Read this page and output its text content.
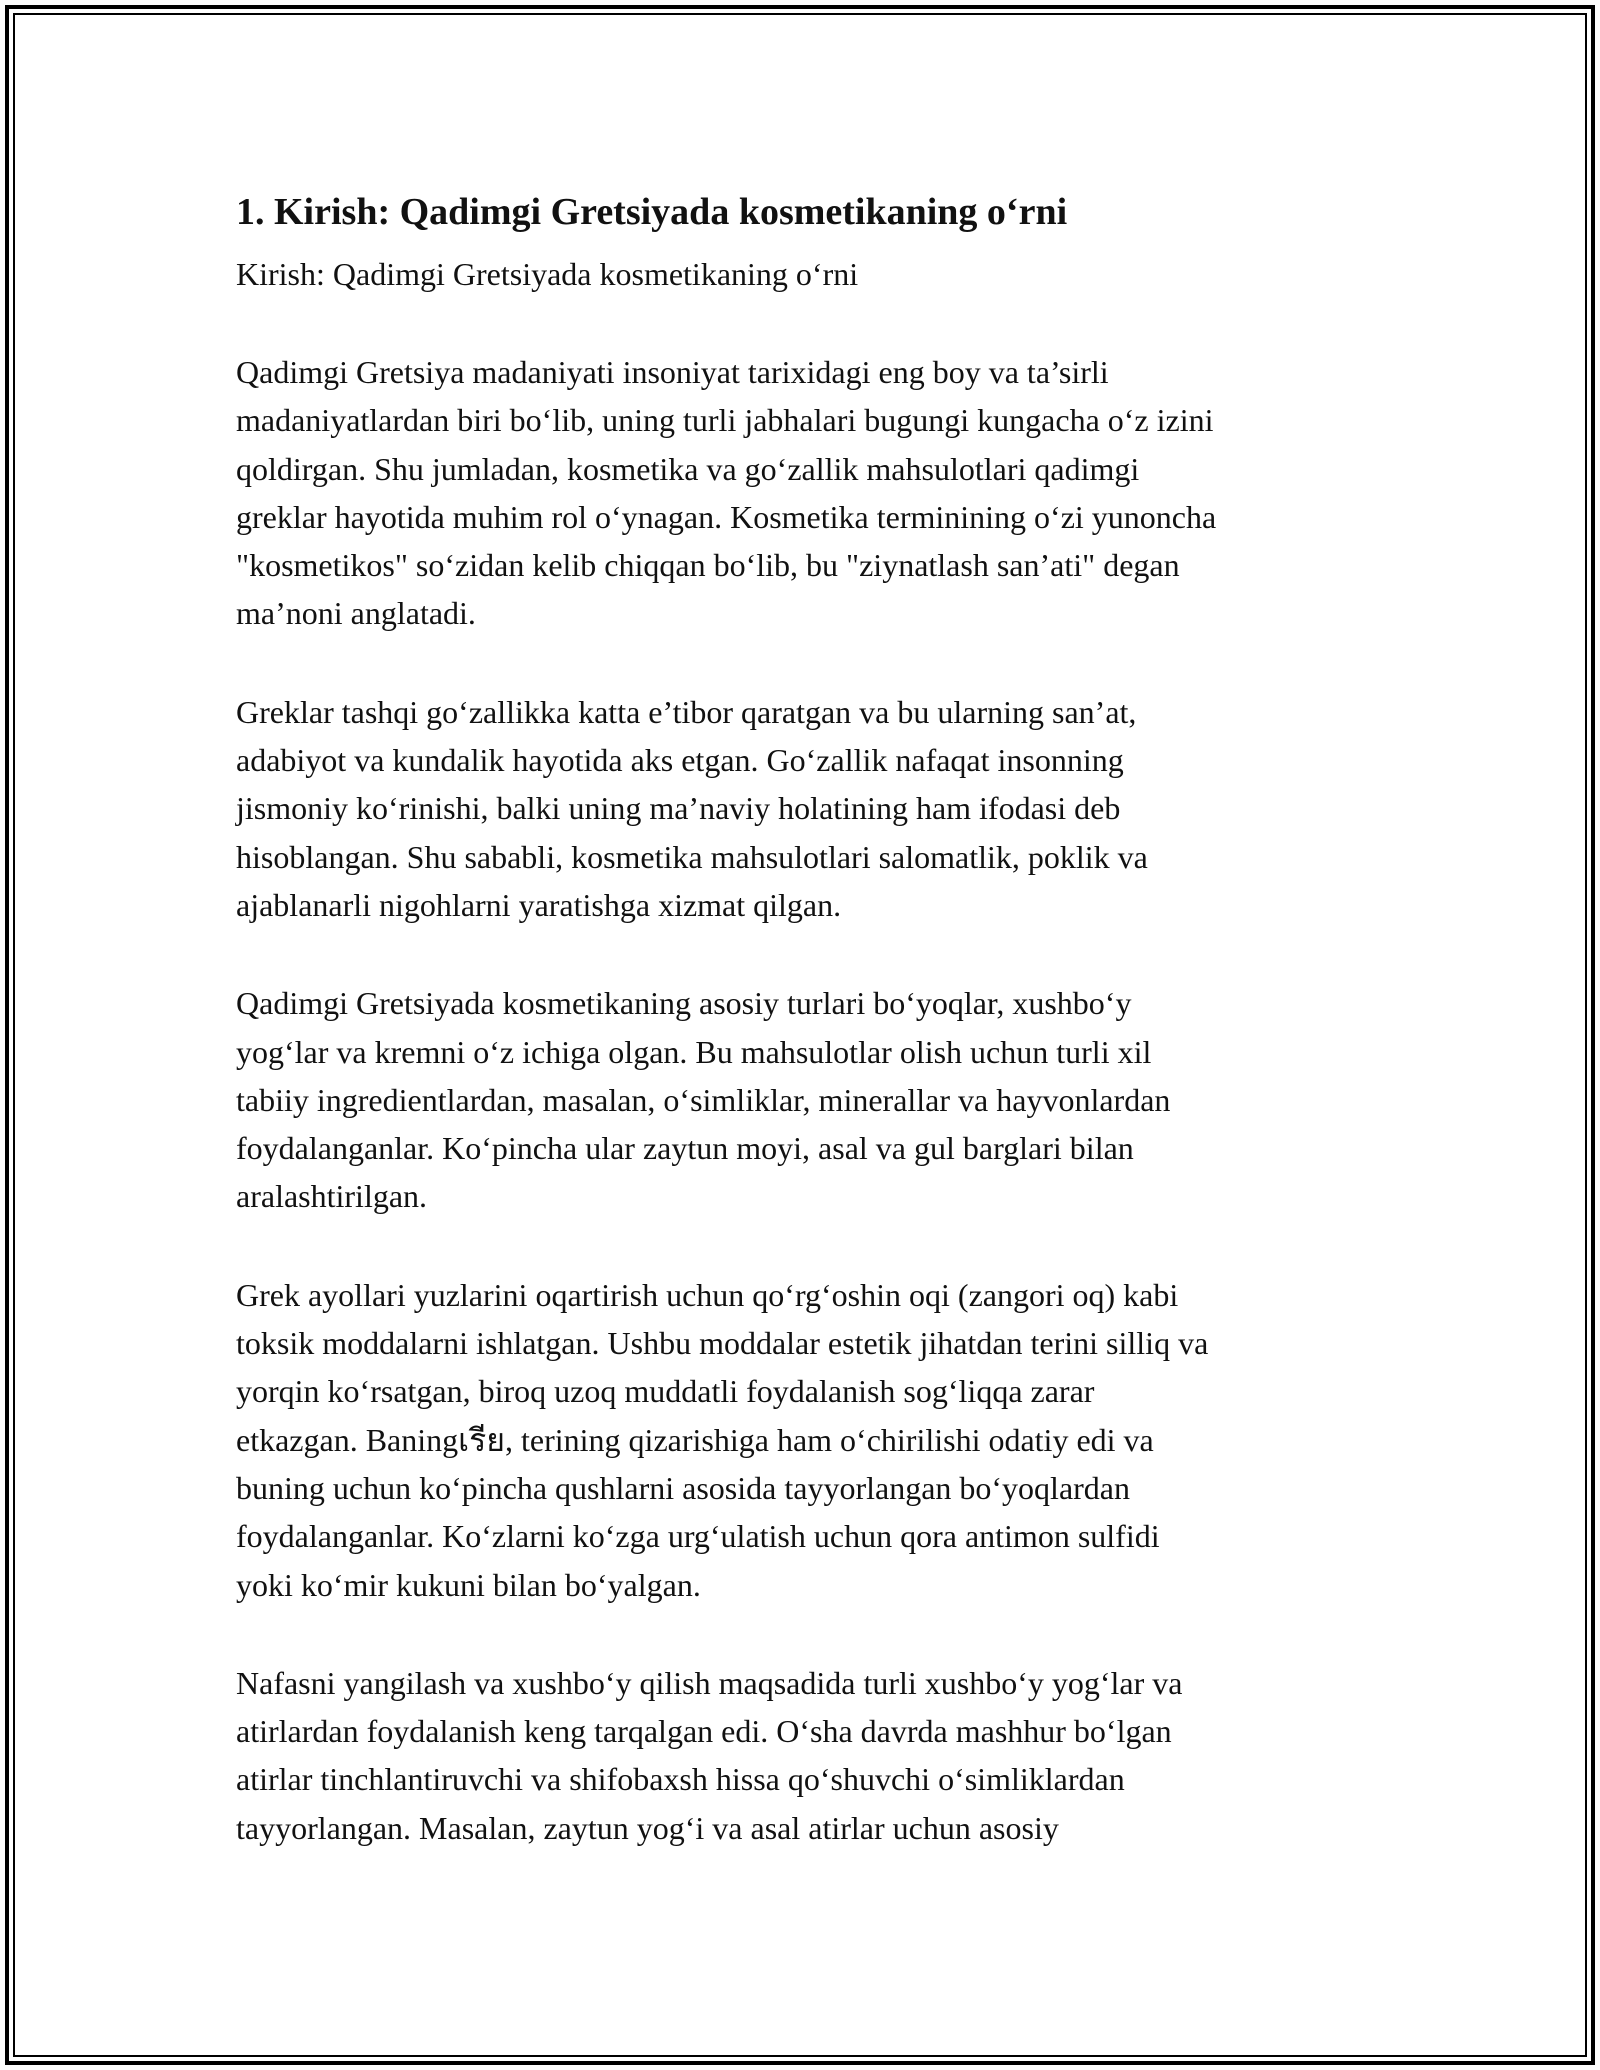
1. Kirish: Qadimgi Gretsiyada kosmetikaning o‘rni

Kirish: Qadimgi Gretsiyada kosmetikaning o‘rni

Qadimgi Gretsiya madaniyati insoniyat tarixidagi eng boy va ta’sirli
madaniyatlardan biri bo‘lib, uning turli jabhalari bugungi kungacha o‘z izini
qoldirgan. Shu jumladan, kosmetika va go‘zallik mahsulotlari qadimgi
greklar hayotida muhim rol o‘ynagan. Kosmetika terminining o‘zi yunoncha
"kosmetikos" so‘zidan kelib chiqqan bo‘lib, bu "ziynatlash san’ati" degan
ma’noni anglatadi.

Greklar tashqi go‘zallikka katta e’tibor qaratgan va bu ularning san’at,
adabiyot va kundalik hayotida aks etgan. Go‘zallik nafaqat insonning
jismoniy ko‘rinishi, balki uning ma’naviy holatining ham ifodasi deb
hisoblangan. Shu sababli, kosmetika mahsulotlari salomatlik, poklik va
ajablanarli nigohlarni yaratishga xizmat qilgan.

Qadimgi Gretsiyada kosmetikaning asosiy turlari bo‘yoqlar, xushbo‘y
yog‘lar va kremni o‘z ichiga olgan. Bu mahsulotlar olish uchun turli xil
tabiiy ingredientlardan, masalan, o‘simliklar, minerallar va hayvonlardan
foydalanganlar. Ko‘pincha ular zaytun moyi, asal va gul barglari bilan
aralashtirilgan.

Grek ayollari yuzlarini oqartirish uchun qo‘rg‘oshin oqi (zangori oq) kabi
toksik moddalarni ishlatgan. Ushbu moddalar estetik jihatdan terini silliq va
yorqin ko‘rsatgan, biroq uzoq muddatli foydalanish sog‘liqqa zarar
etkazgan. Baningเรีย, terining qizarishiga ham o‘chirilishi odatiy edi va
buning uchun ko‘pincha qushlarni asosida tayyorlangan bo‘yoqlardan
foydalanganlar. Ko‘zlarni ko‘zga urg‘ulatish uchun qora antimon sulfidi
yoki ko‘mir kukuni bilan bo‘yalgan.

Nafasni yangilash va xushbo‘y qilish maqsadida turli xushbo‘y yog‘lar va
atirlardan foydalanish keng tarqalgan edi. O‘sha davrda mashhur bo‘lgan
atirlar tinchlantiruvchi va shifobaxsh hissa qo‘shuvchi o‘simliklardan
tayyorlangan. Masalan, zaytun yog‘i va asal atirlar uchun asosiy
